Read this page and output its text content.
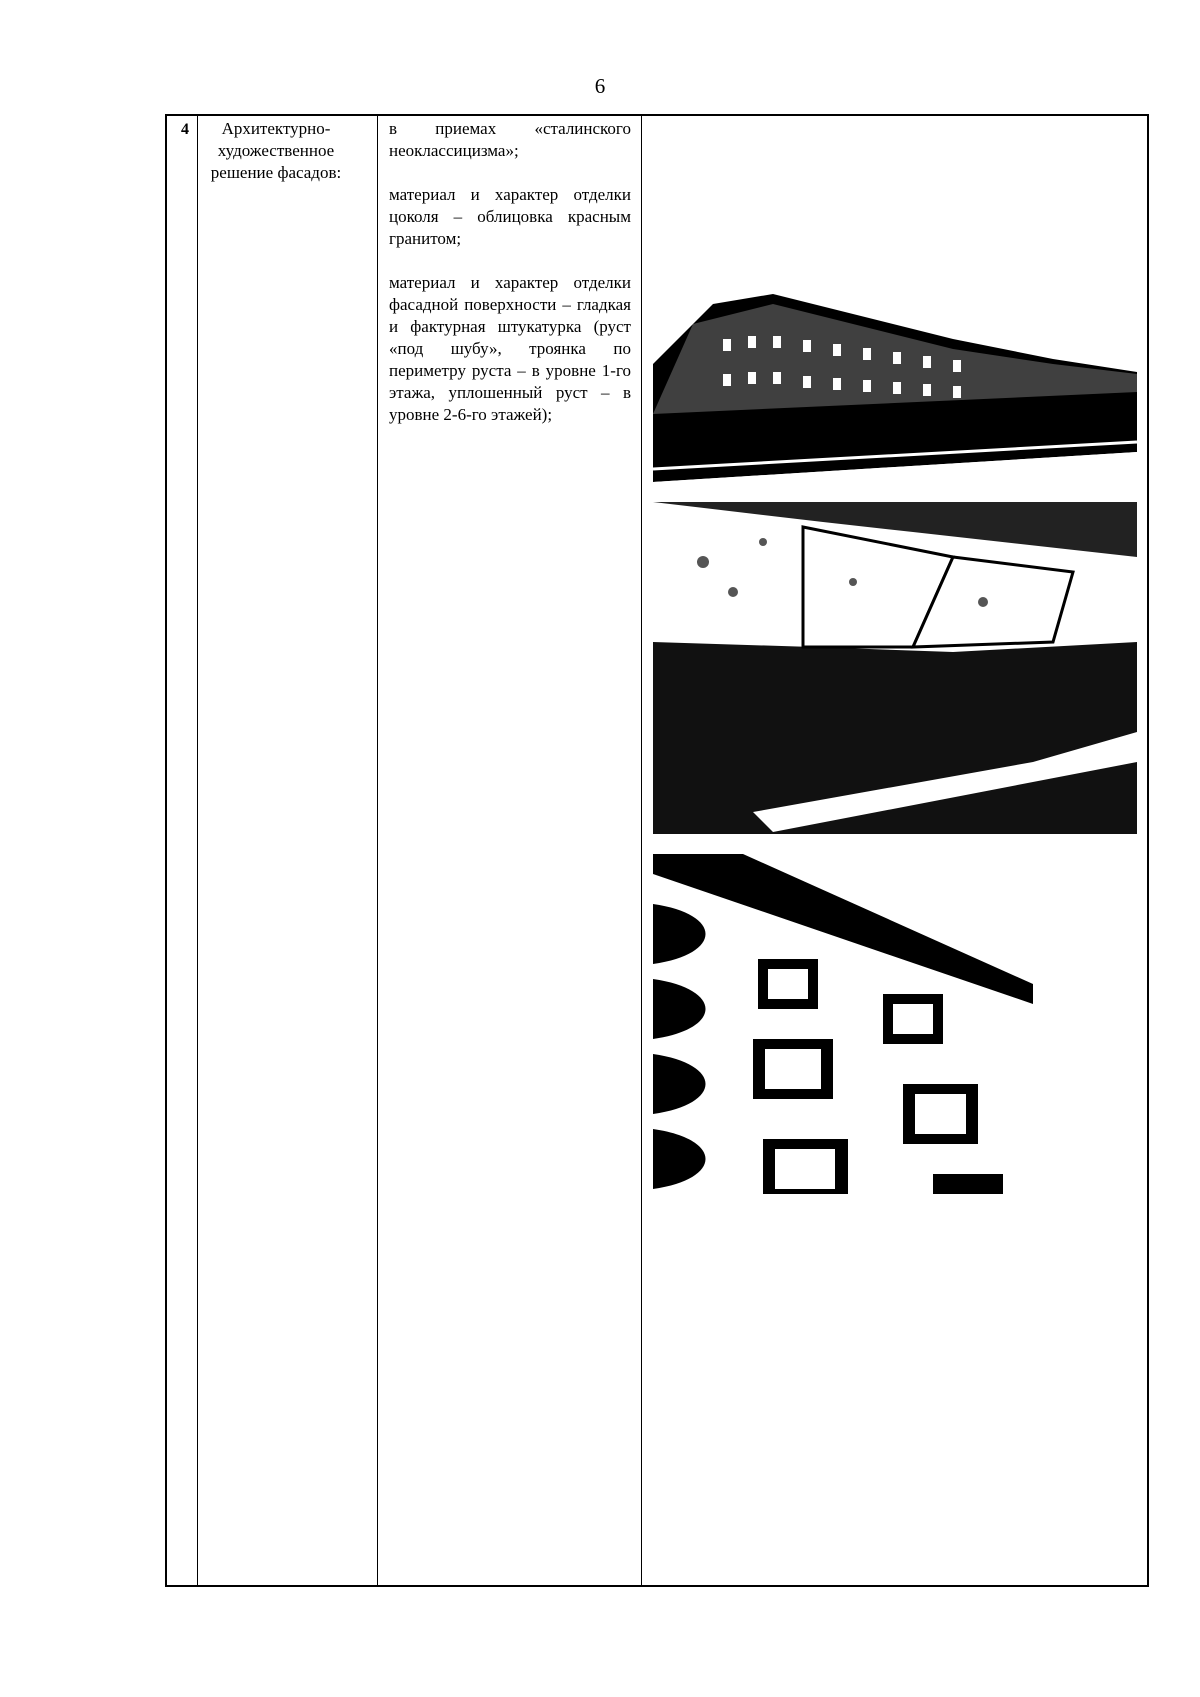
6
4	Архитектурно-художественное решение фасадов:

в приемах «сталинского неоклассицизма»;

материал и характер отделки цоколя – облицовка красным гранитом;

материал и характер отделки фасадной поверхности – гладкая и фактурная штукатурка (руст «под шубу», троянка по периметру руста – в уровне 1-го этажа, уплошенный руст – в уровне 2-6-го этажей);
